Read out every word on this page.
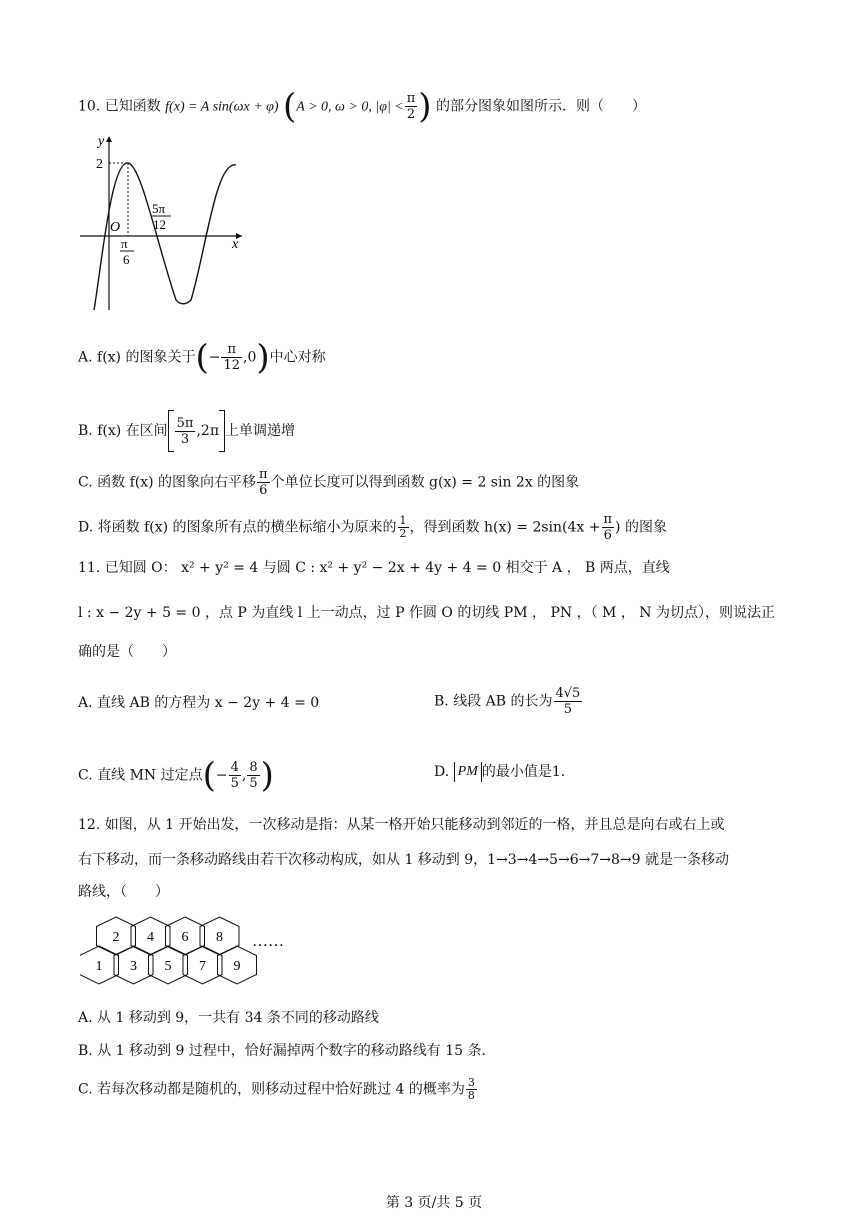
10. 已知函数 f(x) = A sin(ωx + φ) (A > 0, ω > 0, $|\varphi| < \frac{\pi}{2}$ ) 的部分图象如图所示．则（　　）
y
x
O
2
π
6
5π
12
A. f(x) 的图象关于(− $\frac{\pi}{12} ,0$)中心对称
B. f(x) 在区间 $\frac{5\pi}{3} ,2\pi$ 上单调递增
C. 函数 f(x) 的图象向右平移 $\frac{\pi}{6}$ 个单位长度可以得到函数 g(x) = 2 sin 2x 的图象
D. 将函数 f(x) 的图象所有点的横坐标缩小为原来的 $\frac{1}{2}$ ，得到函数 $h(x) = 2\sin(4x + \frac{\pi}{6}$ ) 的图象
11. 已知圆 O： x² + y² = 4 与圆 C : x² + y² − 2x + 4y + 4 = 0 相交于 A ， B 两点，直线
l : x − 2y + 5 = 0 ，点 P 为直线 l 上一动点，过 P 作圆 O 的切线 PM ， PN ，（ M ， N 为切点），则说法正
确的是（　　）
A. 直线 AB 的方程为 x − 2y + 4 = 0	B. 线段 AB 的长为 $\frac{4√5}{5}$
C. 直线 MN 过定点(− $\frac{4}{5}$ , $\frac{8}{5}$ )	D. PM 的最小值是1．
12. 如图，从 1 开始出发，一次移动是指：从某一格开始只能移动到邻近的一格，并且总是向右或右上或
右下移动，而一条移动路线由若干次移动构成，如从 1 移动到 9，1→3→4→5→6→7→8→9 就是一条移动
路线，（　　）
2 4 6 8
1 3 5 7 9
……
A. 从 1 移动到 9，一共有 34 条不同的移动路线
B. 从 1 移动到 9 过程中，恰好漏掉两个数字的移动路线有 15 条．
C. 若每次移动都是随机的，则移动过程中恰好跳过 4 的概率为 $\frac{3}{8}$
第 3 页/共 5 页
